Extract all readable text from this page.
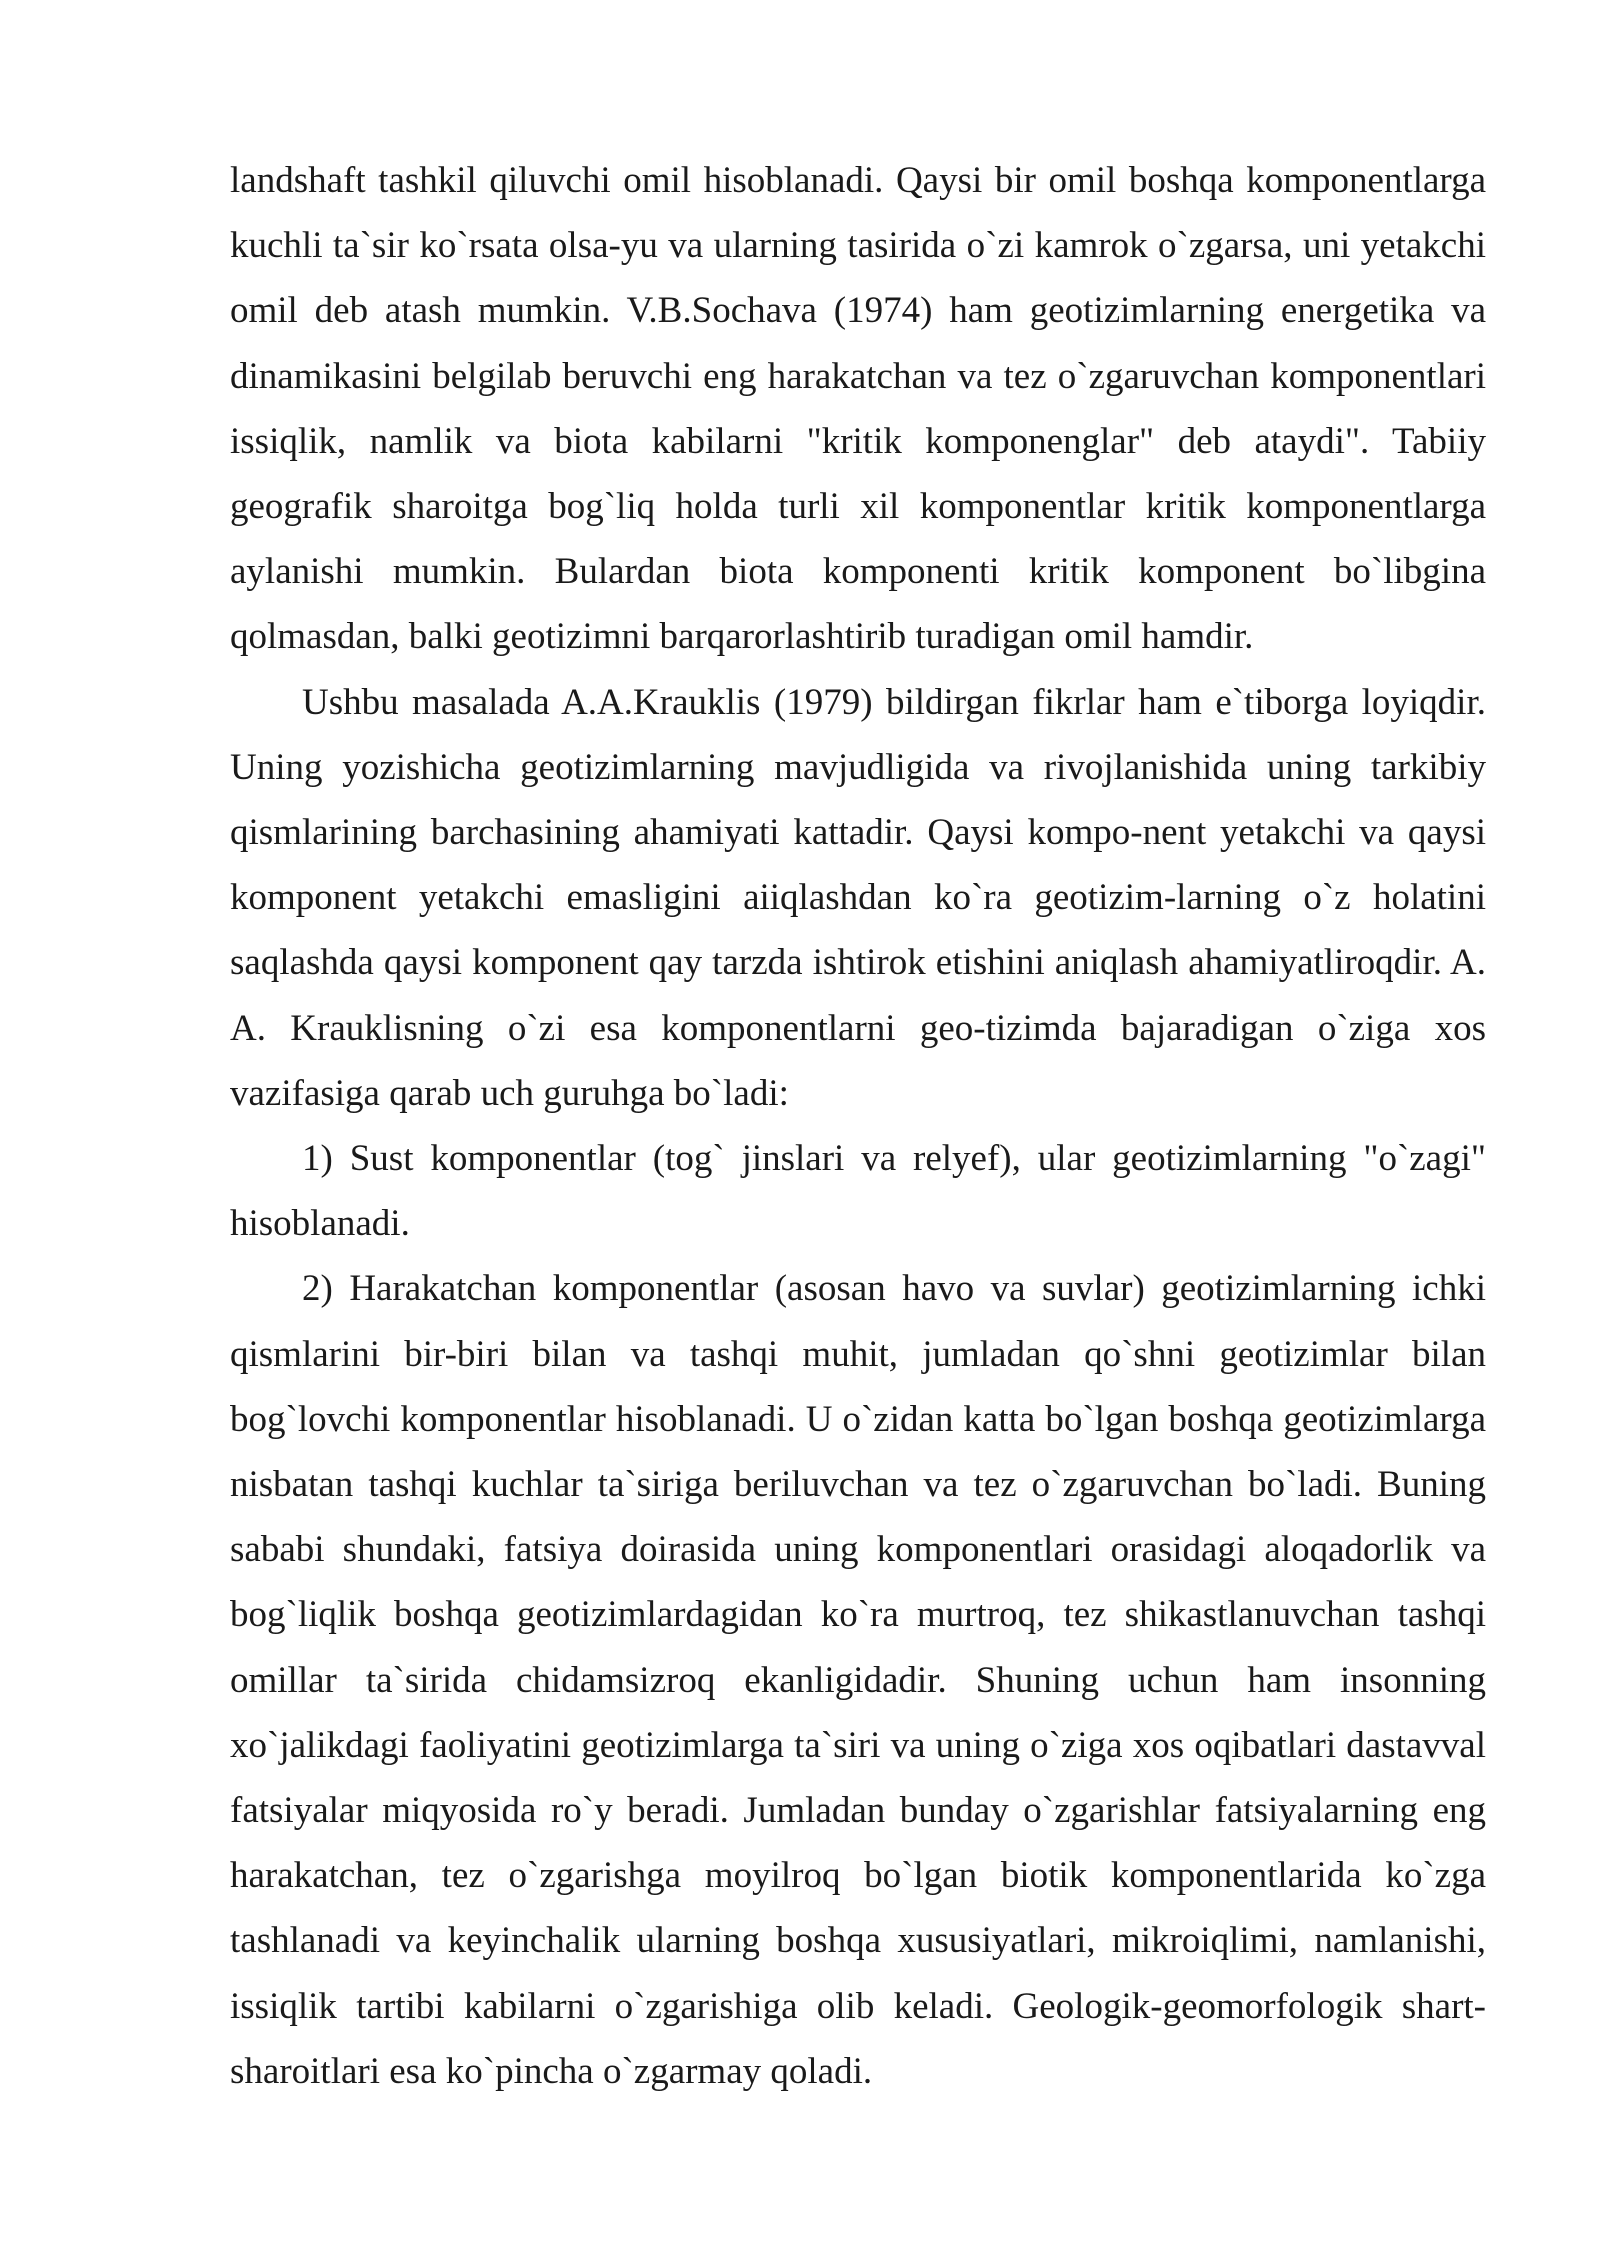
landshaft tashkil qiluvchi omil hisoblanadi. Qaysi bir omil boshqa komponentlarga kuchli ta`sir ko`rsata olsa-yu va ularning tasirida o`zi kamrok o`zgarsa, uni yetakchi omil deb atash mumkin. V.B.Sochava (1974) ham geotizimlarning energetika va dinamikasini belgilab beruvchi eng harakatchan va tez o`zgaruvchan komponentlari issiqlik, namlik va biota kabilarni "kritik komponenglar" deb ataydi". Tabiiy geografik sharoitga bog`liq holda turli xil komponentlar kritik komponentlarga aylanishi mumkin. Bulardan biota komponenti kritik komponent bo`libgina qolmasdan, balki geotizimni barqarorlashtirib turadigan omil hamdir.

Ushbu masalada A.A.Krauklis (1979) bildirgan fikrlar ham e`tiborga loyiqdir. Uning yozishicha geotizimlarning mavjudligida va rivojlanishida uning tarkibiy qismlarining barchasining ahamiyati kattadir. Qaysi kompo-nent yetakchi va qaysi komponent yetakchi emasligini aiiqlashdan ko`ra geotizim-larning o`z holatini saqlashda qaysi komponent qay tarzda ishtirok etishini aniqlash ahamiyatliroqdir. A. A. Krauklisning o`zi esa komponentlarni geo-tizimda bajaradigan o`ziga xos vazifasiga qarab uch guruhga bo`ladi:

1) Sust komponentlar (tog` jinslari va relyef), ular geotizimlarning "o`zagi" hisoblanadi.

2) Harakatchan komponentlar (asosan havo va suvlar) geotizimlarning ichki qismlarini bir-biri bilan va tashqi muhit, jumladan qo`shni geotizimlar bilan bog`lovchi komponentlar hisoblanadi. U o`zidan katta bo`lgan boshqa geotizimlarga nisbatan tashqi kuchlar ta`siriga beriluvchan va tez o`zgaruvchan bo`ladi. Buning sababi shundaki, fatsiya doirasida uning komponentlari orasidagi aloqadorlik va bog`liqlik boshqa geotizimlardagidan ko`ra murtroq, tez shikastlanuvchan tashqi omillar ta`sirida chidamsizroq ekanligidadir. Shuning uchun ham insonning xo`jalikdagi faoliyatini geotizimlarga ta`siri va uning o`ziga xos oqibatlari dastavval fatsiyalar miqyosida ro`y beradi. Jumladan bunday o`zgarishlar fatsiyalarning eng harakatchan, tez o`zgarishga moyilroq bo`lgan biotik komponentlarida ko`zga tashlanadi va keyinchalik ularning boshqa xususiyatlari, mikroiqlimi, namlanishi, issiqlik tartibi kabilarni o`zgarishiga olib keladi. Geologik-geomorfologik shart-sharoitlari esa ko`pincha o`zgarmay qoladi.
